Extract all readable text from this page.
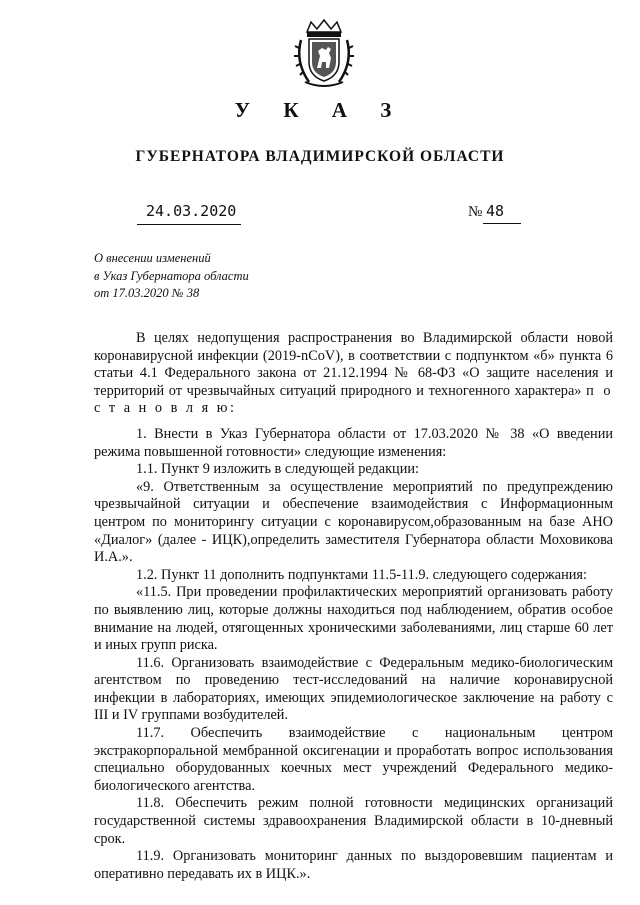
У К А З
ГУБЕРНАТОРА ВЛАДИМИРСКОЙ ОБЛАСТИ
24.03.2020	№ 48
О внесении изменений
в Указ Губернатора области
от 17.03.2020 № 38

В целях недопущения распространения во Владимирской области новой коронавирусной инфекции (2019-nCoV), в соответствии с подпунктом «б» пункта 6 статьи 4.1 Федерального закона от 21.12.1994 № 68-ФЗ «О защите населения и территорий от чрезвычайных ситуаций природного и техногенного характера» п о с т а н о в л я ю:

1. Внести в Указ Губернатора области от 17.03.2020 № 38 «О введении режима повышенной готовности» следующие изменения:

1.1. Пункт 9 изложить в следующей редакции:

«9. Ответственным за осуществление мероприятий по предупреждению чрезвычайной ситуации и обеспечение взаимодействия с Информационным центром по мониторингу ситуации с коронавирусом,образованным на базе АНО «Диалог» (далее - ИЦК),определить заместителя Губернатора области Моховикова И.А.».

1.2. Пункт 11 дополнить подпунктами 11.5-11.9. следующего содержания:

«11.5. При проведении профилактических мероприятий организовать работу по выявлению лиц, которые должны находиться под наблюдением, обратив особое внимание на людей, отягощенных хроническими заболеваниями, лиц старше 60 лет и иных групп риска.

11.6. Организовать взаимодействие с Федеральным медико-биологическим агентством по проведению тест-исследований на наличие коронавирусной инфекции в лабораториях, имеющих эпидемиологическое заключение на работу с III и IV группами возбудителей.

11.7. Обеспечить взаимодействие с национальным центром экстракорпоральной мембранной оксигенации и проработать вопрос использования специально оборудованных коечных мест учреждений Федерального медико-биологического агентства.

11.8. Обеспечить режим полной готовности медицинских организаций государственной системы здравоохранения Владимирской области в 10-дневный срок.

11.9. Организовать мониторинг данных по выздоровевшим пациентам и оперативно передавать их в ИЦК.».
